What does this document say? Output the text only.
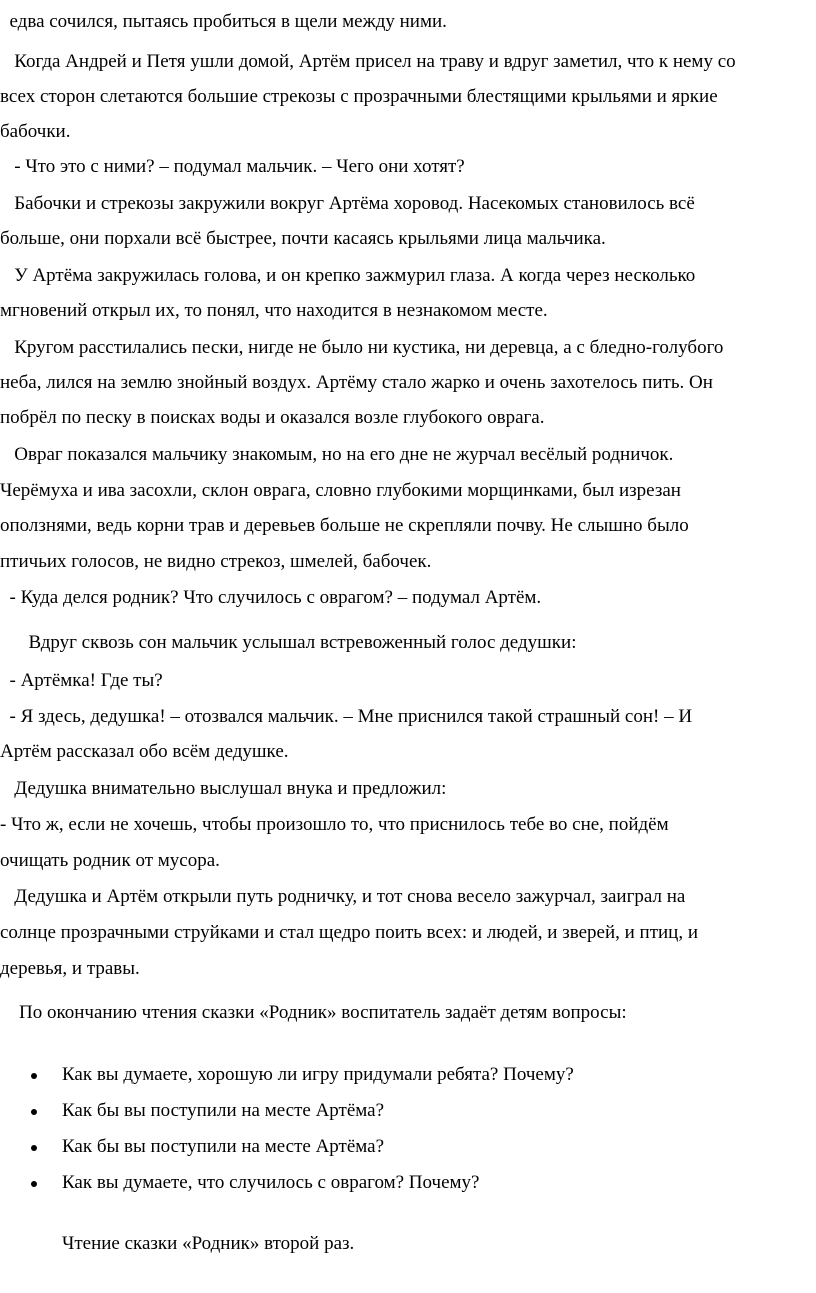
едва сочился, пытаясь пробиться в щели между ними.
Когда Андрей и Петя ушли домой, Артём присел на траву и вдруг заметил, что к нему со
всех сторон слетаются большие стрекозы с прозрачными блестящими крыльями и яркие
бабочки.
- Что это с ними? – подумал мальчик. – Чего они хотят?
Бабочки и стрекозы закружили вокруг Артёма хоровод. Насекомых становилось всё
больше, они порхали всё быстрее, почти касаясь крыльями лица мальчика.
У Артёма закружилась голова, и он крепко зажмурил глаза. А когда через несколько
мгновений открыл их, то понял, что находится в незнакомом месте.
Кругом расстилались пески, нигде не было ни кустика, ни деревца, а с бледно-голубого
неба, лился на землю знойный воздух. Артёму стало жарко и очень захотелось пить. Он
побрёл по песку в поисках воды и оказался возле глубокого оврага.
Овраг показался мальчику знакомым, но на его дне не журчал весёлый родничок.
Черёмуха и ива засохли, склон оврага, словно глубокими морщинками, был изрезан
оползнями, ведь корни трав и деревьев больше не скрепляли почву. Не слышно было
птичьих голосов, не видно стрекоз, шмелей, бабочек.
- Куда делся родник? Что случилось с оврагом? – подумал Артём.
Вдруг сквозь сон мальчик услышал встревоженный голос дедушки:
- Артёмка! Где ты?
- Я здесь, дедушка! – отозвался мальчик. – Мне приснился такой страшный сон! – И
Артём рассказал обо всём дедушке.
Дедушка внимательно выслушал внука и предложил:
- Что ж, если не хочешь, чтобы произошло то, что приснилось тебе во сне, пойдём
очищать родник от мусора.
Дедушка и Артём открыли путь родничку, и тот снова весело зажурчал, заиграл на
солнце прозрачными струйками и стал щедро поить всех: и людей, и зверей, и птиц, и
деревья, и травы.
По окончанию чтения сказки «Родник» воспитатель задаёт детям вопросы:
Как вы думаете, хорошую ли игру придумали ребята? Почему?
Как бы вы поступили на месте Артёма?
Как бы вы поступили на месте Артёма?
Как вы думаете, что случилось с оврагом? Почему?
Чтение сказки «Родник» второй раз.
